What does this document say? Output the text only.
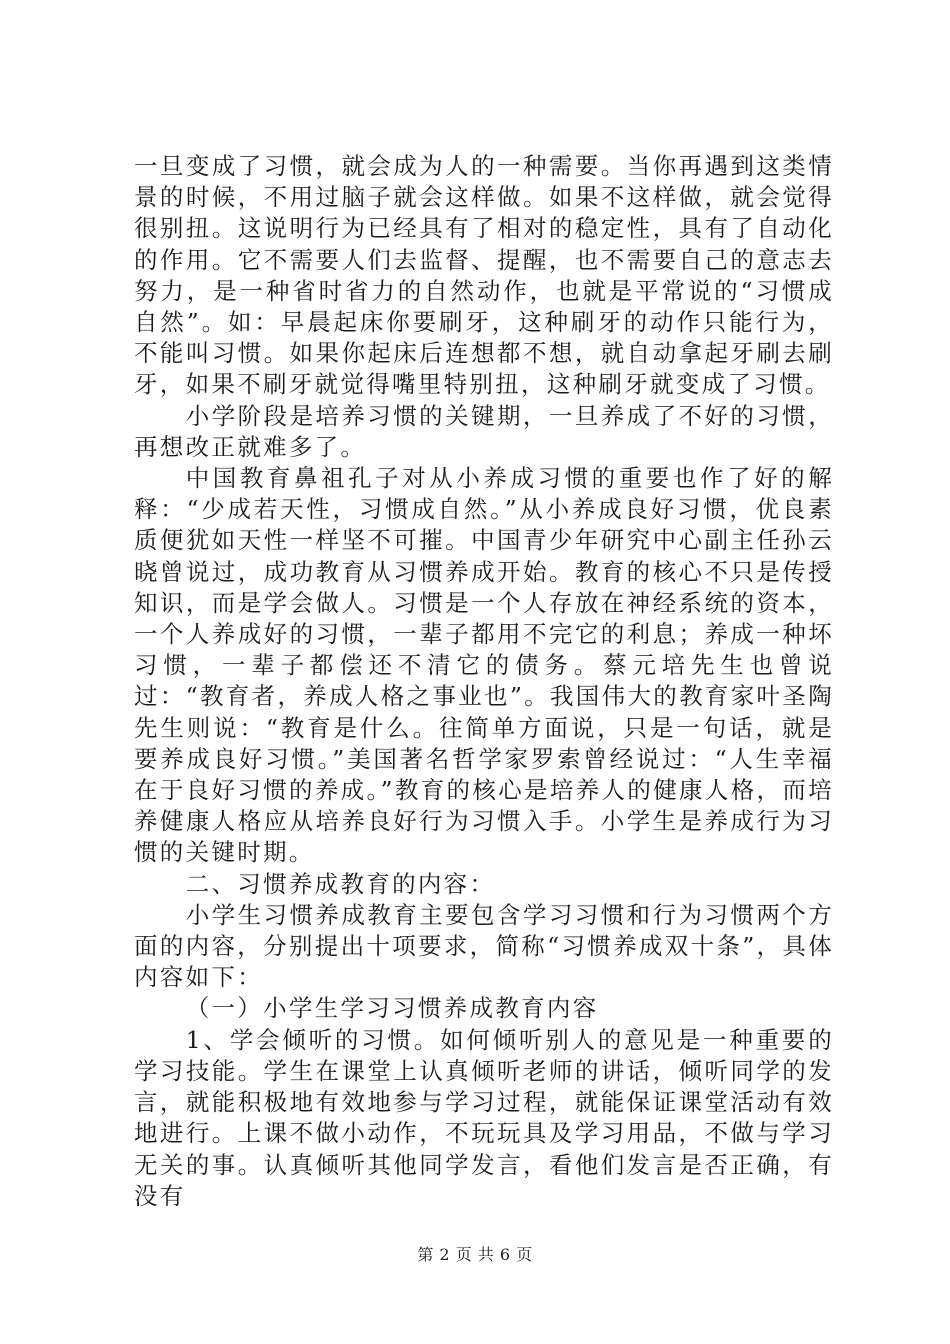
一旦变成了习惯，就会成为人的一种需要。当你再遇到这类情景的时候，不用过脑子就会这样做。如果不这样做，就会觉得很别扭。这说明行为已经具有了相对的稳定性，具有了自动化的作用。它不需要人们去监督、提醒，也不需要自己的意志去努力，是一种省时省力的自然动作，也就是平常说的“习惯成自然”。如：早晨起床你要刷牙，这种刷牙的动作只能行为，不能叫习惯。如果你起床后连想都不想，就自动拿起牙刷去刷牙，如果不刷牙就觉得嘴里特别扭，这种刷牙就变成了习惯。

小学阶段是培养习惯的关键期，一旦养成了不好的习惯，再想改正就难多了。

中国教育鼻祖孔子对从小养成习惯的重要也作了好的解释：“少成若天性，习惯成自然。”从小养成良好习惯，优良素质便犹如天性一样坚不可摧。中国青少年研究中心副主任孙云晓曾说过，成功教育从习惯养成开始。教育的核心不只是传授知识，而是学会做人。习惯是一个人存放在神经系统的资本，一个人养成好的习惯，一辈子都用不完它的利息；养成一种坏习惯，一辈子都偿还不清它的债务。蔡元培先生也曾说过：“教育者，养成人格之事业也”。我国伟大的教育家叶圣陶先生则说：“教育是什么。往简单方面说，只是一句话，就是要养成良好习惯。”美国著名哲学家罗索曾经说过：“人生幸福在于良好习惯的养成。”教育的核心是培养人的健康人格，而培养健康人格应从培养良好行为习惯入手。小学生是养成行为习惯的关键时期。

二、习惯养成教育的内容：

小学生习惯养成教育主要包含学习习惯和行为习惯两个方面的内容，分别提出十项要求，简称“习惯养成双十条”，具体内容如下：

（一）小学生学习习惯养成教育内容

1、学会倾听的习惯。如何倾听别人的意见是一种重要的学习技能。学生在课堂上认真倾听老师的讲话，倾听同学的发言，就能积极地有效地参与学习过程，就能保证课堂活动有效地进行。上课不做小动作，不玩玩具及学习用品，不做与学习无关的事。认真倾听其他同学发言，看他们发言是否正确，有没有

第 2 页 共 6 页
